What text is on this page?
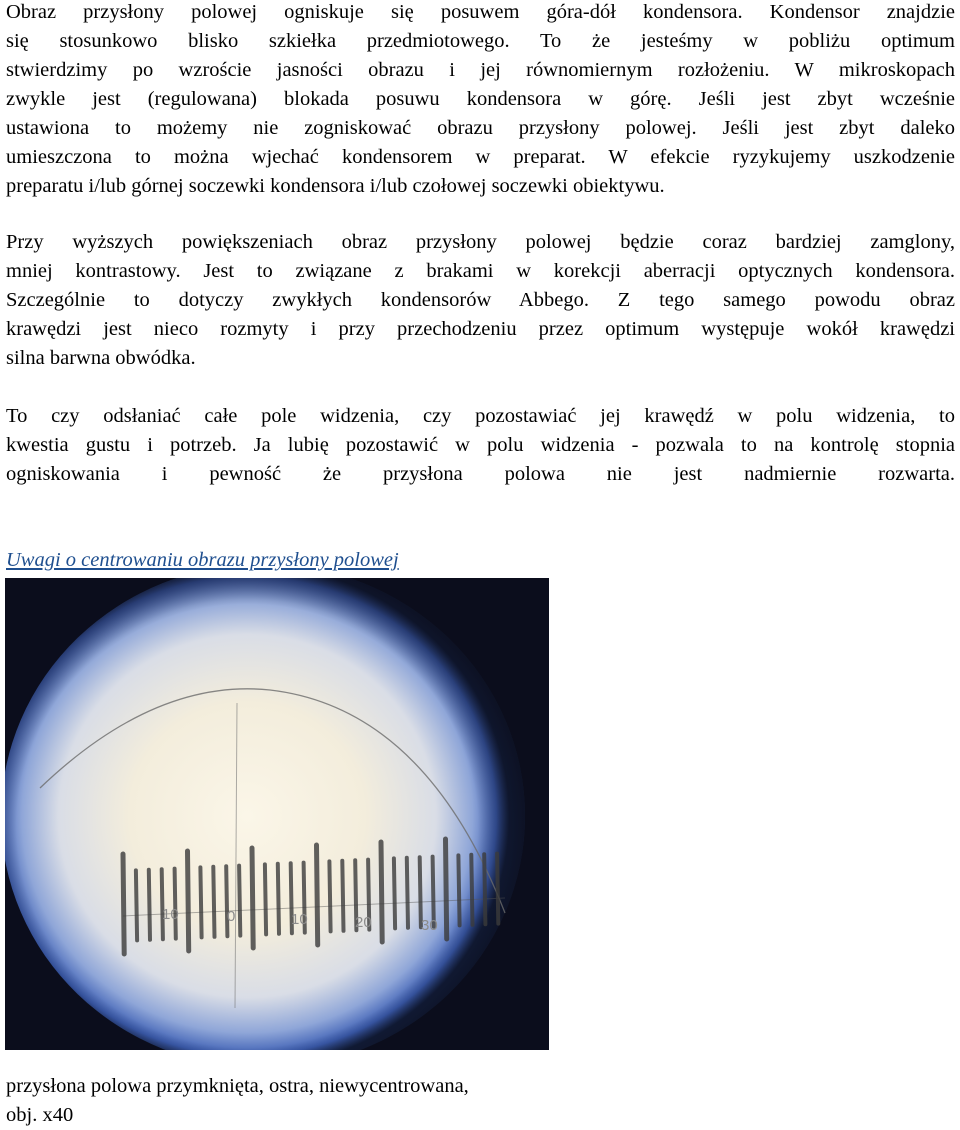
Obraz przysłony polowej ogniskuje się posuwem góra-dół kondensora. Kondensor znajdzie
się stosunkowo blisko szkiełka przedmiotowego. To że jesteśmy w pobliżu optimum
stwierdzimy po wzroście jasności obrazu i jej równomiernym rozłożeniu. W mikroskopach
zwykle jest (regulowana) blokada posuwu kondensora w górę. Jeśli jest zbyt wcześnie
ustawiona to możemy nie zogniskować obrazu przysłony polowej. Jeśli jest zbyt daleko
umieszczona to można wjechać kondensorem w preparat. W efekcie ryzykujemy uszkodzenie
preparatu i/lub górnej soczewki kondensora i/lub czołowej soczewki obiektywu.

Przy wyższych powiększeniach obraz przysłony polowej będzie coraz bardziej zamglony,
mniej kontrastowy. Jest to związane z brakami w korekcji aberracji optycznych kondensora.
Szczególnie to dotyczy zwykłych kondensorów Abbego. Z tego samego powodu obraz
krawędzi jest nieco rozmyty i przy przechodzeniu przez optimum występuje wokół krawędzi
silna barwna obwódka.

To czy odsłaniać całe pole widzenia, czy pozostawiać jej krawędź w polu widzenia, to
kwestia gustu i potrzeb. Ja lubię pozostawić w polu widzenia - pozwala to na kontrolę stopnia
ogniskowania i pewność że przysłona polowa nie jest nadmiernie rozwarta.

Uwagi o centrowaniu obrazu przysłony polowej

10	0	10	20	30

przysłona polowa przymknięta, ostra, niewycentrowana,
obj. x40
